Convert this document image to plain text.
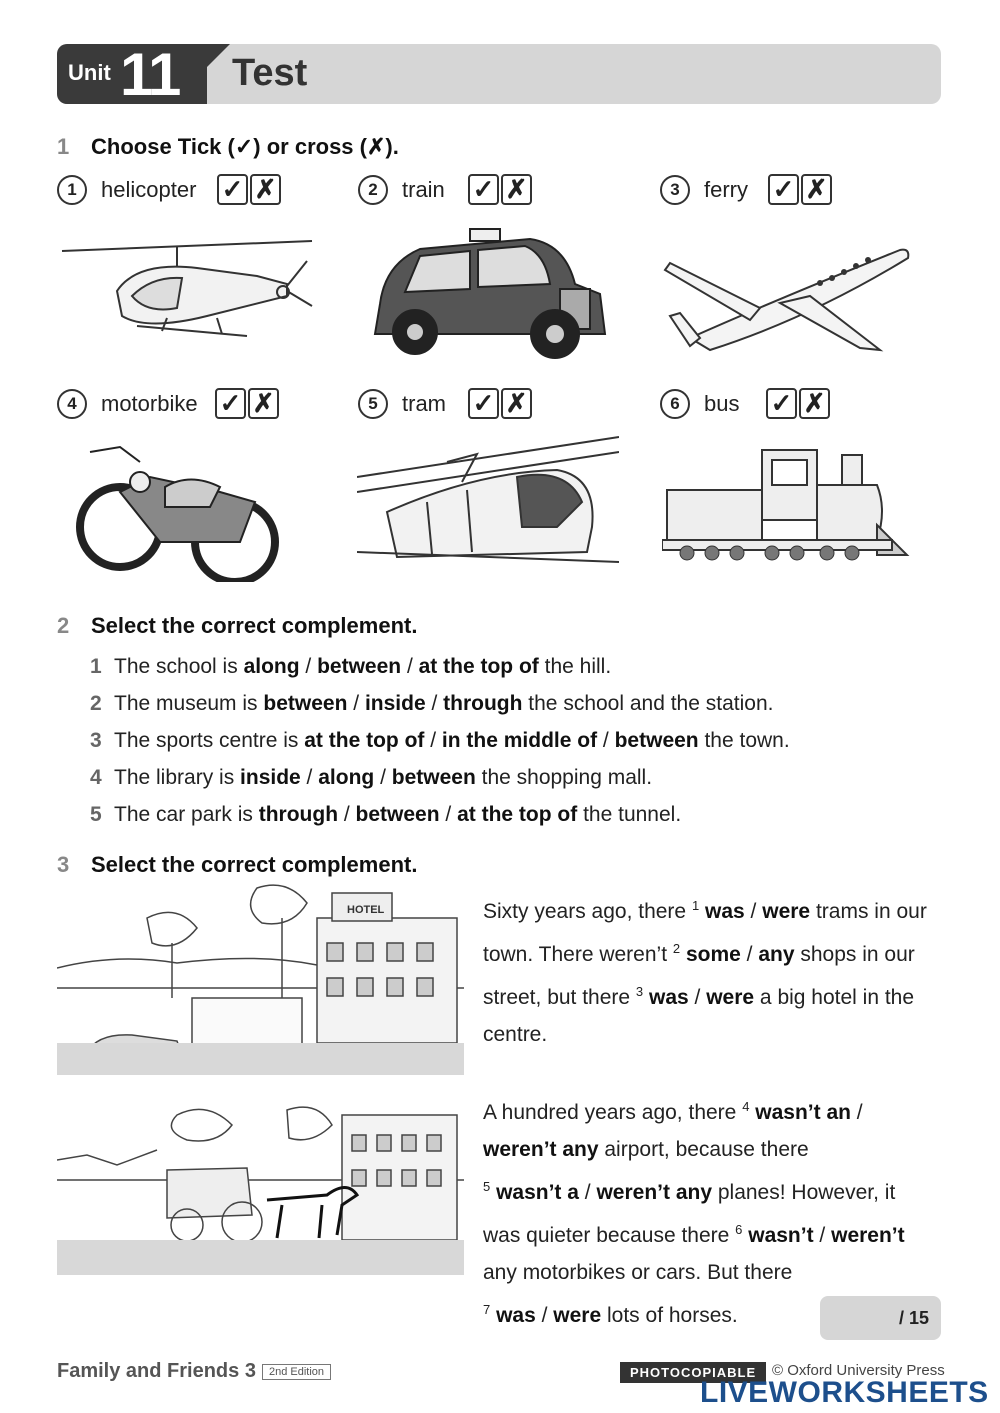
Unit 11 Test
1 Choose Tick (✓) or cross (✗).
1	helicopter ✓ ✗	2	train ✓ ✗	3	ferry ✓ ✗
4	motorbike ✓ ✗	5	tram ✓ ✗	6	bus ✓ ✗
2 Select the correct complement.
1 The school is along / between / at the top of the hill.
2 The museum is between / inside / through the school and the station.
3 The sports centre is at the top of / in the middle of / between the town.
4 The library is inside / along / between the shopping mall.
5 The car park is through / between / at the top of the tunnel.
3 Select the correct complement.
HOTEL	Sixty years ago, there $^1$ was / were trams in our town. There weren’t $^2$ some / any shops in our street, but there $^3$ was / were a big hotel in the centre.
A hundred years ago, there $^4$ wasn’t an / weren’t any airport, because there
$^5$ wasn’t a / weren’t any planes! However, it was quieter because there $^6$ wasn’t / weren’t any motorbikes or cars. But there
$^7$ was / were lots of horses.	/ 15
Family and Friends 3 2nd Edition	PHOTOCOPIABLE	© Oxford University Press
LIVEWORKSHEETS
